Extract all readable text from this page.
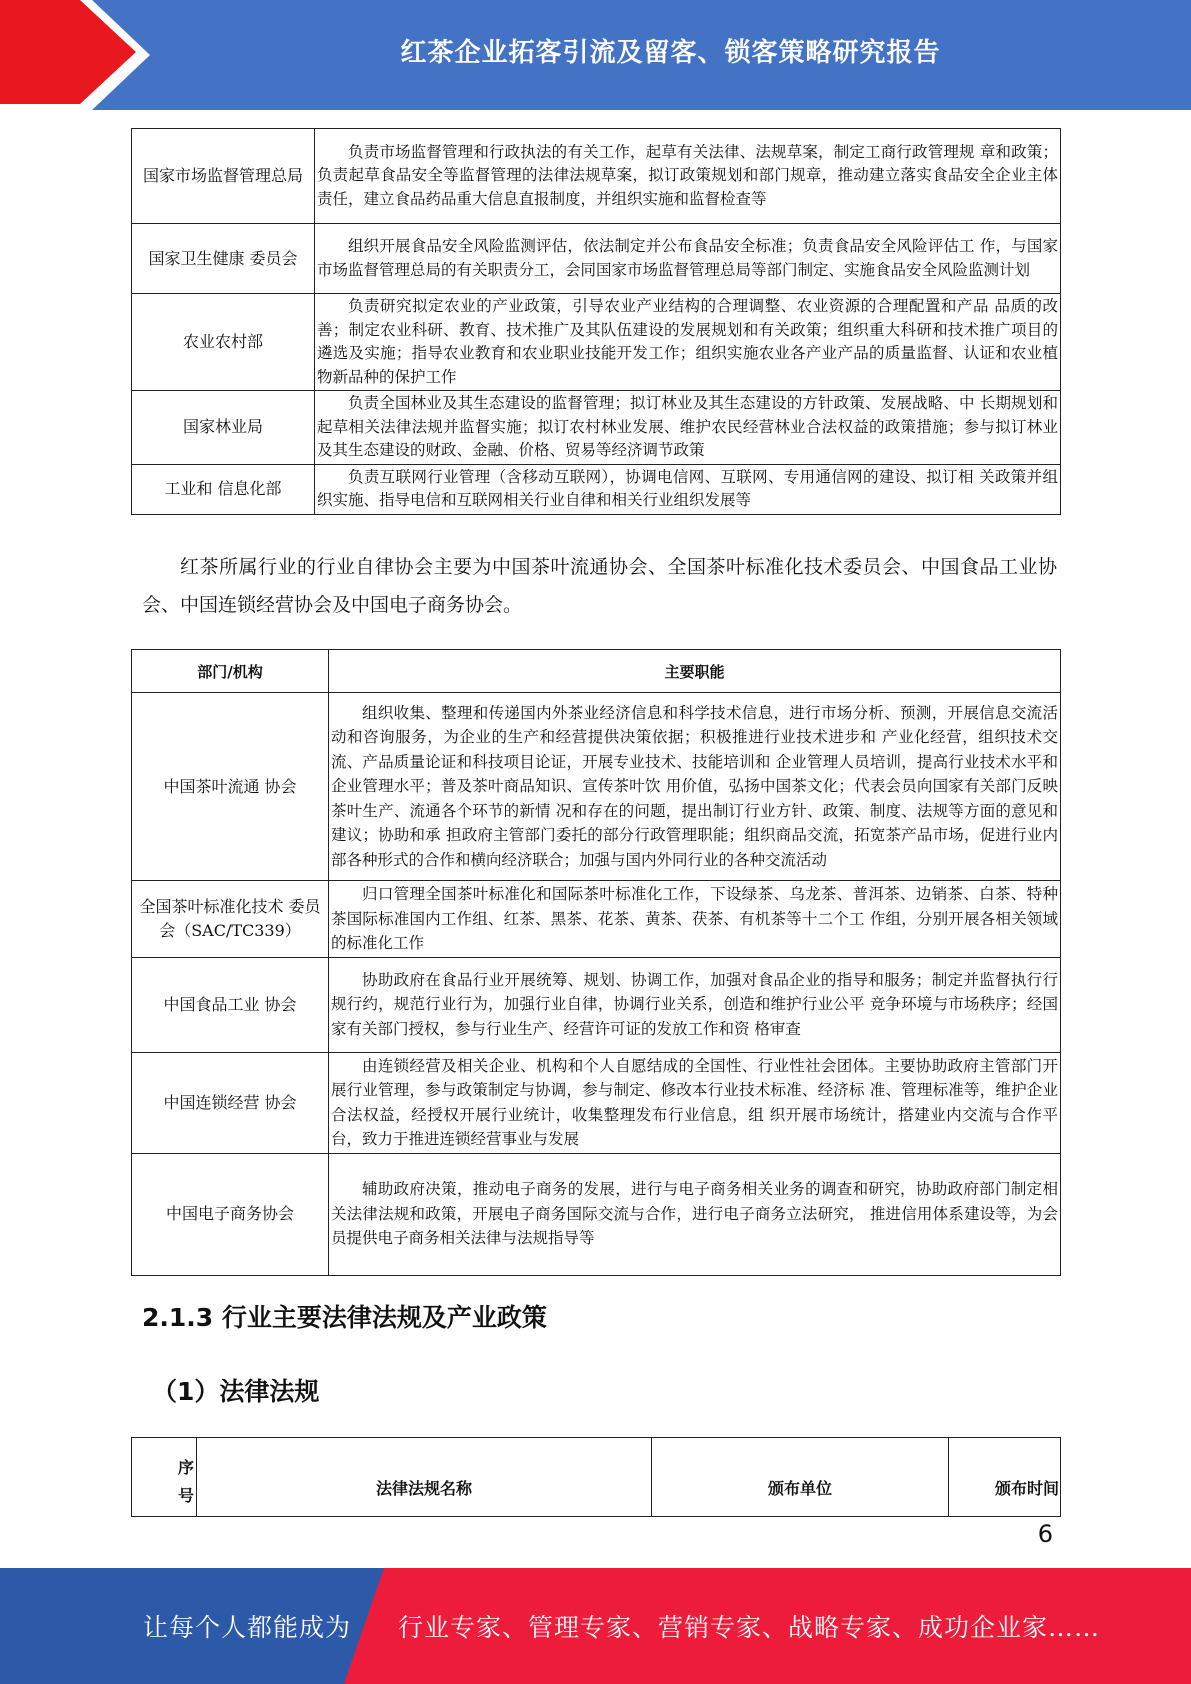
红茶企业拓客引流及留客、锁客策略研究报告
国家市场监督管理总局	负责市场监督管理和行政执法的有关工作，起草有关法律、法规草案，制定工商行政管理规 章和政策；负责起草食品安全等监督管理的法律法规草案，拟订政策规划和部门规章，推动建立落实食品安全企业主体责任，建立食品药品重大信息直报制度，并组织实施和监督检查等
国家卫生健康 委员会	组织开展食品安全风险监测评估，依法制定并公布食品安全标准；负责食品安全风险评估工 作，与国家市场监督管理总局的有关职责分工，会同国家市场监督管理总局等部门制定、实施食品安全风险监测计划
农业农村部	负责研究拟定农业的产业政策，引导农业产业结构的合理调整、农业资源的合理配置和产品 品质的改善；制定农业科研、教育、技术推广及其队伍建设的发展规划和有关政策；组织重大科研和技术推广项目的遴选及实施；指导农业教育和农业职业技能开发工作；组织实施农业各产业产品的质量监督、认证和农业植物新品种的保护工作
国家林业局	负责全国林业及其生态建设的监督管理；拟订林业及其生态建设的方针政策、发展战略、中 长期规划和起草相关法律法规并监督实施；拟订农村林业发展、维护农民经营林业合法权益的政策措施；参与拟订林业及其生态建设的财政、金融、价格、贸易等经济调节政策
工业和 信息化部	负责互联网行业管理（含移动互联网），协调电信网、互联网、专用通信网的建设、拟订相 关政策并组织实施、指导电信和互联网相关行业自律和相关行业组织发展等
红茶所属行业的行业自律协会主要为中国茶叶流通协会、全国茶叶标准化技术委员会、中国食品工业协会、中国连锁经营协会及中国电子商务协会。
部门/机构	主要职能
中国茶叶流通 协会	组织收集、整理和传递国内外茶业经济信息和科学技术信息，进行市场分析、预测，开展信息交流活动和咨询服务，为企业的生产和经营提供决策依据；积极推进行业技术进步和 产业化经营，组织技术交流、产品质量论证和科技项目论证，开展专业技术、技能培训和 企业管理人员培训，提高行业技术水平和企业管理水平；普及茶叶商品知识、宣传茶叶饮 用价值，弘扬中国茶文化；代表会员向国家有关部门反映茶叶生产、流通各个环节的新情 况和存在的问题，提出制订行业方针、政策、制度、法规等方面的意见和建议；协助和承 担政府主管部门委托的部分行政管理职能；组织商品交流，拓宽茶产品市场，促进行业内 部各种形式的合作和横向经济联合；加强与国内外同行业的各种交流活动
全国茶叶标准化技术 委员会（SAC/TC339）	归口管理全国茶叶标准化和国际茶叶标准化工作，下设绿茶、乌龙茶、普洱茶、边销茶、白茶、特种茶国际标准国内工作组、红茶、黑茶、花茶、黄茶、茯茶、有机茶等十二个工 作组，分别开展各相关领域的标准化工作
中国食品工业 协会	协助政府在食品行业开展统筹、规划、协调工作，加强对食品企业的指导和服务；制定并监督执行行规行约，规范行业行为，加强行业自律，协调行业关系，创造和维护行业公平 竞争环境与市场秩序；经国家有关部门授权，参与行业生产、经营许可证的发放工作和资 格审查
中国连锁经营 协会	由连锁经营及相关企业、机构和个人自愿结成的全国性、行业性社会团体。主要协助政府主管部门开展行业管理，参与政策制定与协调，参与制定、修改本行业技术标准、经济标 准、管理标准等，维护企业合法权益，经授权开展行业统计，收集整理发布行业信息，组 织开展市场统计，搭建业内交流与合作平台，致力于推进连锁经营事业与发展
中国电子商务协会	辅助政府决策，推动电子商务的发展，进行与电子商务相关业务的调查和研究，协助政府部门制定相关法律法规和政策，开展电子商务国际交流与合作，进行电子商务立法研究， 推进信用体系建设等，为会员提供电子商务相关法律与法规指导等
2.1.3 行业主要法律法规及产业政策
（1）法律法规
序号	法律法规名称	颁布单位	颁布时间
6
让每个人都能成为 行业专家、管理专家、营销专家、战略专家、成功企业家……
